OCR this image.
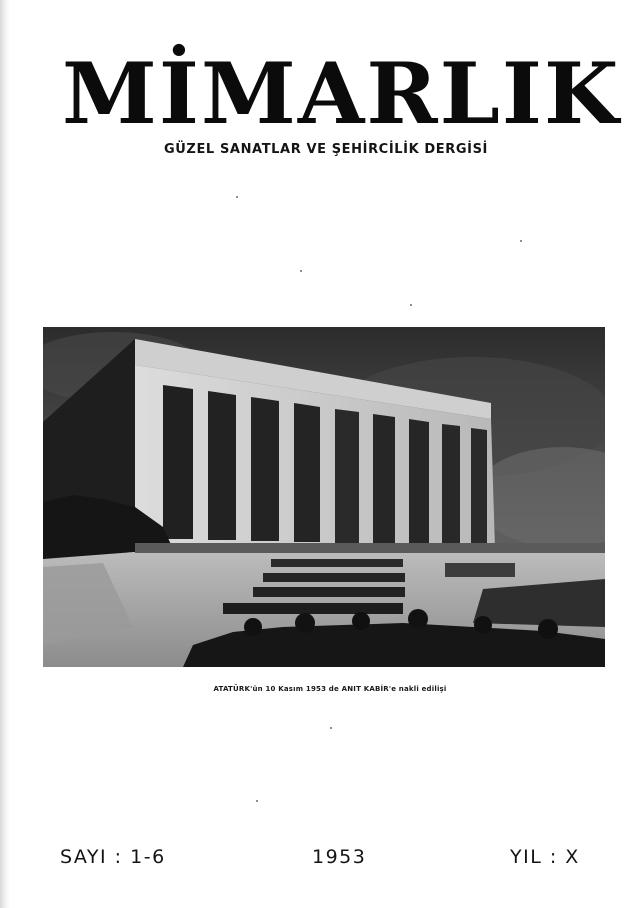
MİMARLIK
GÜZEL SANATLAR VE ŞEHİRCİLİK DERGİSİ
ATATÜRK'ün 10 Kasım 1953 de ANIT KABİR'e nakli edilişi
SAYI : 1-6	1953	YIL : X
